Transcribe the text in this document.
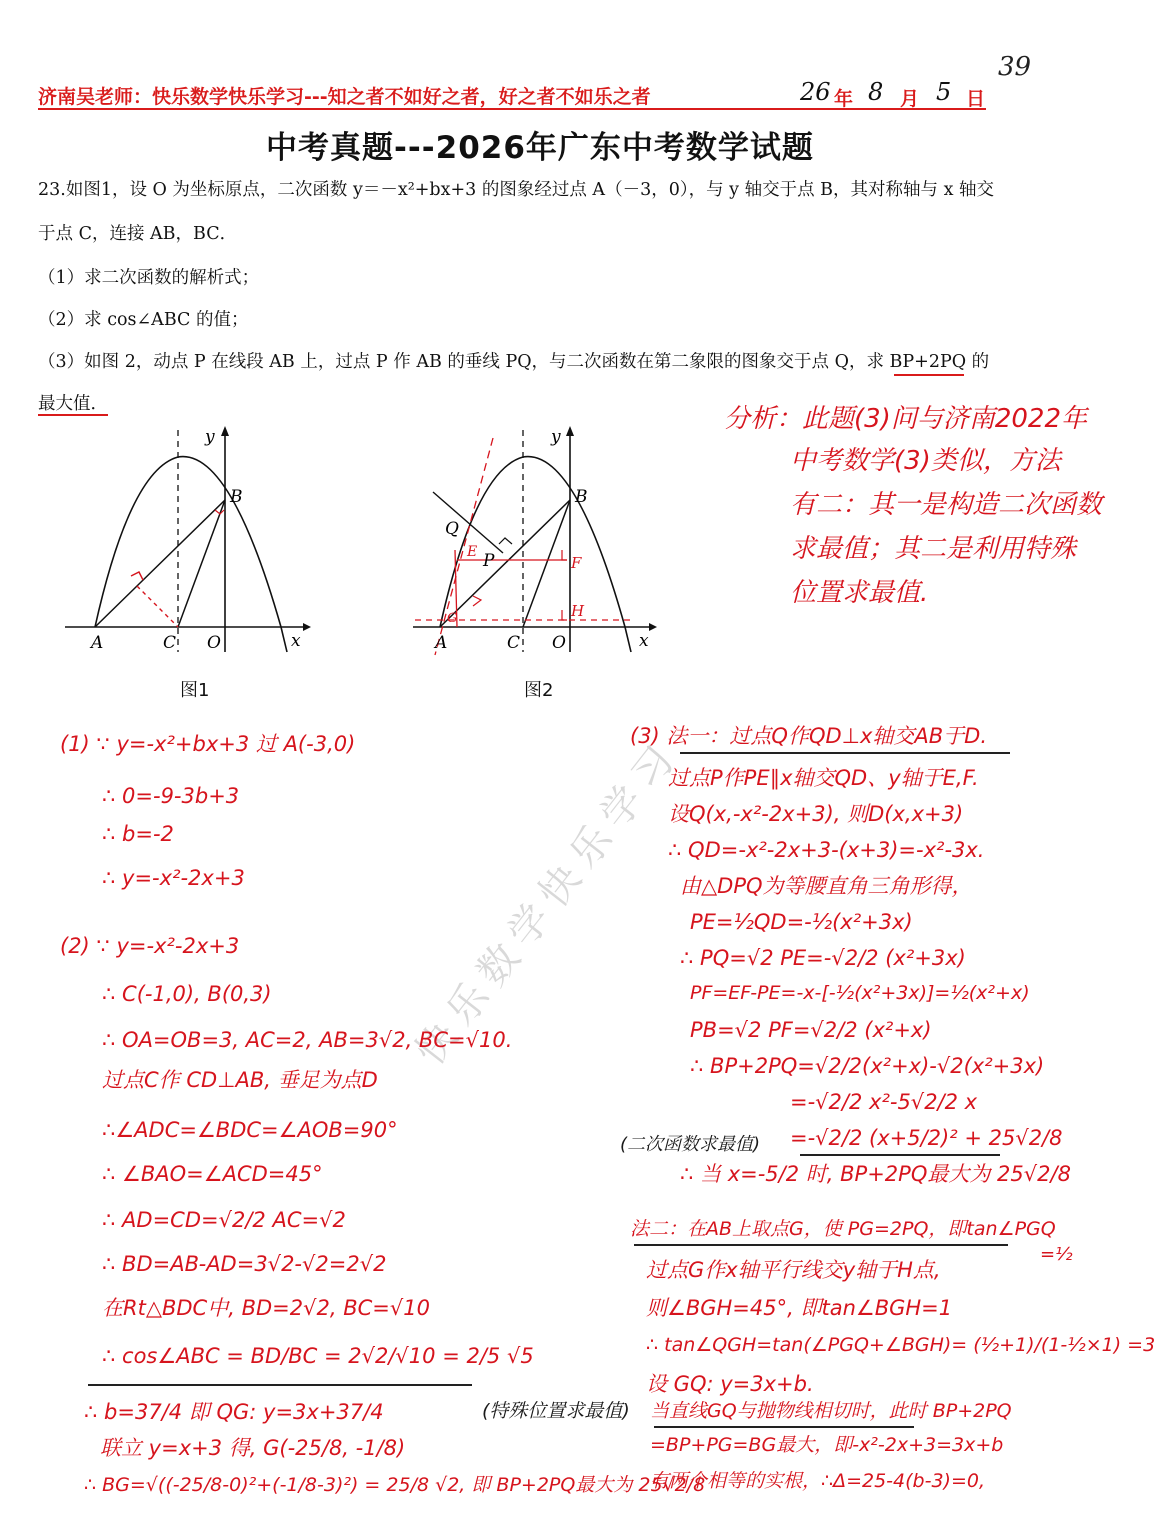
39
济南吴老师：快乐数学快乐学习---知之者不如好之者，好之者不如乐之者	26 年 8 月 5 日
中考真题---2026年广东中考数学试题
23.如图1，设 O 为坐标原点，二次函数 y＝－x²+bx+3 的图象经过点 A（－3，0），与 y 轴交于点 B，其对称轴与 x 轴交
于点 C，连接 AB，BC．
（1）求二次函数的解析式；
（2）求 cos∠ABC 的值；
（3）如图 2，动点 P 在线段 AB 上，过点 P 作 AB 的垂线 PQ，与二次函数在第二象限的图象交于点 Q，求 BP+2PQ 的
最大值．
y
x
A
B
C O
图1
y
x
A
B
C O
Q
P
E
F
H
G
图2
分析：此题(3)问与济南2022年
中考数学(3)类似，方法
有二：其一是构造二次函数
求最值；其二是利用特殊
位置求最值.
快乐数学快乐学习
(1) ∵ y=-x²+bx+3 过 A(-3,0)
∴ 0=-9-3b+3
∴ b=-2
∴ y=-x²-2x+3
(2) ∵ y=-x²-2x+3
∴ C(-1,0), B(0,3)
∴ OA=OB=3, AC=2, AB=3√2, BC=√10.
过点C作 CD⊥AB, 垂足为点D
∴∠ADC=∠BDC=∠AOB=90°
∴ ∠BAO=∠ACD=45°
∴ AD=CD=√2/2 AC=√2
∴ BD=AB-AD=3√2-√2=2√2
在Rt△BDC中, BD=2√2, BC=√10
∴ cos∠ABC = BD/BC = 2√2/√10 = 2/5 √5
(3) 法一：过点Q作QD⊥x轴交AB于D.
过点P作PE∥x轴交QD、y轴于E,F.
设Q(x,-x²-2x+3), 则D(x,x+3)
∴ QD=-x²-2x+3-(x+3)=-x²-3x.
由△DPQ为等腰直角三角形得，
PE=½QD=-½(x²+3x)
∴ PQ=√2 PE=-√2/2 (x²+3x)
PF=EF-PE=-x-[-½(x²+3x)]=½(x²+x)
PB=√2 PF=√2/2 (x²+x)
∴ BP+2PQ=√2/2(x²+x)-√2(x²+3x)
=-√2/2 x²-5√2/2 x
(二次函数求最值) =-√2/2 (x+5/2)² + 25√2/8
∴ 当 x=-5/2 时, BP+2PQ最大为 25√2/8
法二：在AB上取点G，使 PG=2PQ，即tan∠PGQ
=½
过点G作x轴平行线交y轴于H点,
则∠BGH=45°, 即tan∠BGH=1
∴ tan∠QGH=tan(∠PGQ+∠BGH)= (½+1)/(1-½×1) =3
设 GQ: y=3x+b.
当直线GQ与抛物线相切时，此时 BP+2PQ
=BP+PG=BG最大，即-x²-2x+3=3x+b
有两个相等的实根，∴Δ=25-4(b-3)=0,
(特殊位置求最值)
∴ b=37/4 即 QG: y=3x+37/4
联立 y=x+3 得, G(-25/8, -1/8)
∴ BG=√((-25/8-0)²+(-1/8-3)²) = 25/8 √2, 即 BP+2PQ最大为 25√2/8
